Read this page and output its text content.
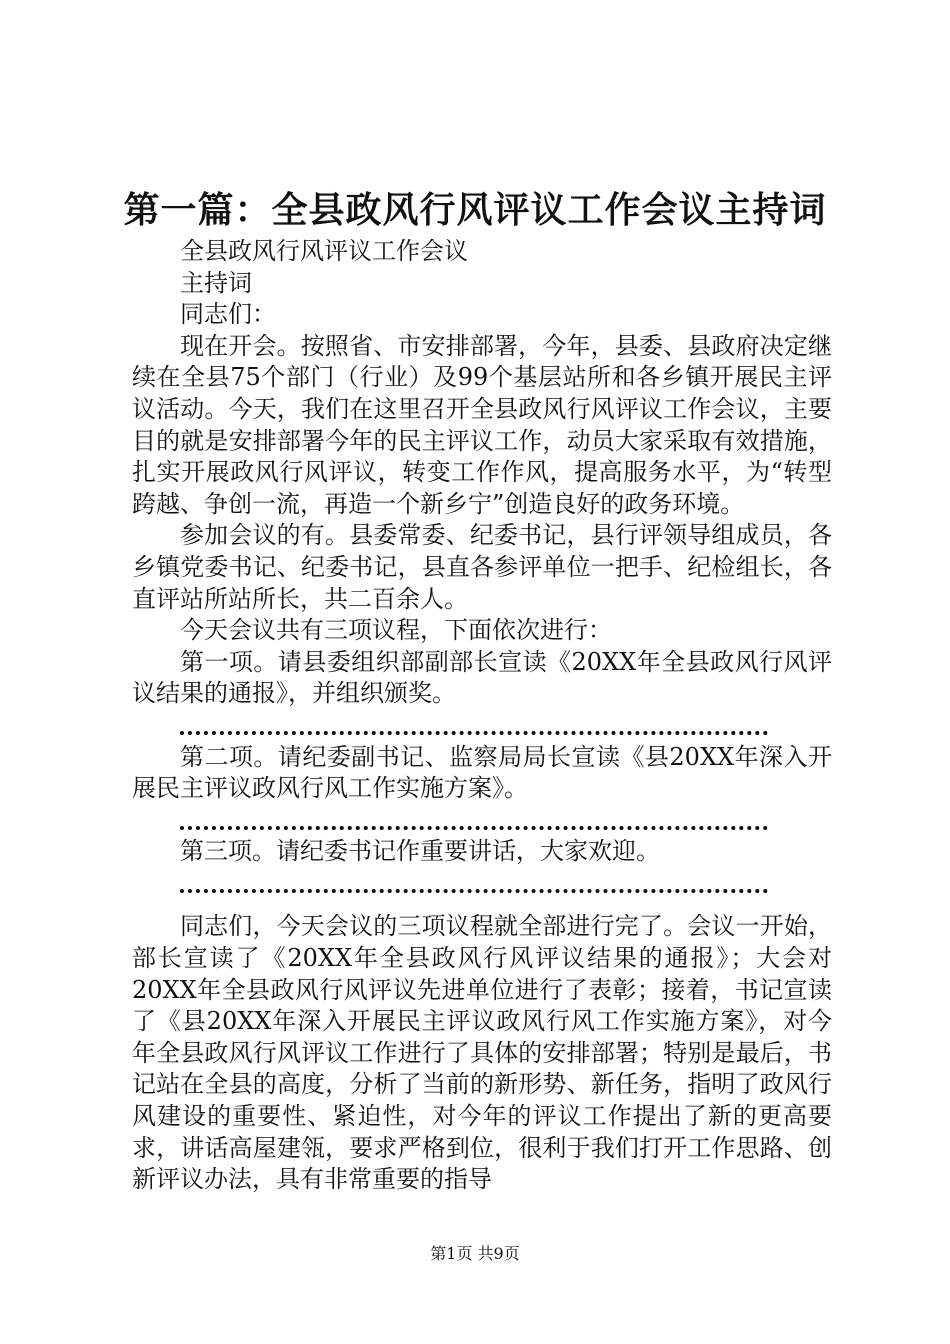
第一篇：全县政风行风评议工作会议主持词

全县政风行风评议工作会议

主持词

同志们：

现在开会。按照省、市安排部署，今年，县委、县政府决定继续在全县75个部门（行业）及99个基层站所和各乡镇开展民主评议活动。今天，我们在这里召开全县政风行风评议工作会议，主要目的就是安排部署今年的民主评议工作，动员大家采取有效措施，扎实开展政风行风评议，转变工作作风，提高服务水平，为“转型跨越、争创一流，再造一个新乡宁”创造良好的政务环境。

参加会议的有。县委常委、纪委书记，县行评领导组成员，各乡镇党委书记、纪委书记，县直各参评单位一把手、纪检组长，各直评站所站所长，共二百余人。

今天会议共有三项议程，下面依次进行：

第一项。请县委组织部副部长宣读《20XX年全县政风行风评议结果的通报》，并组织颁奖。

第二项。请纪委副书记、监察局局长宣读《县20XX年深入开展民主评议政风行风工作实施方案》。

第三项。请纪委书记作重要讲话，大家欢迎。

同志们，今天会议的三项议程就全部进行完了。会议一开始，部长宣读了《20XX年全县政风行风评议结果的通报》；大会对20XX年全县政风行风评议先进单位进行了表彰；接着，书记宣读了《县20XX年深入开展民主评议政风行风工作实施方案》，对今年全县政风行风评议工作进行了具体的安排部署；特别是最后，书记站在全县的高度，分析了当前的新形势、新任务，指明了政风行风建设的重要性、紧迫性，对今年的评议工作提出了新的更高要求，讲话高屋建瓴，要求严格到位，很利于我们打开工作思路、创新评议办法，具有非常重要的指导

第1页 共9页
